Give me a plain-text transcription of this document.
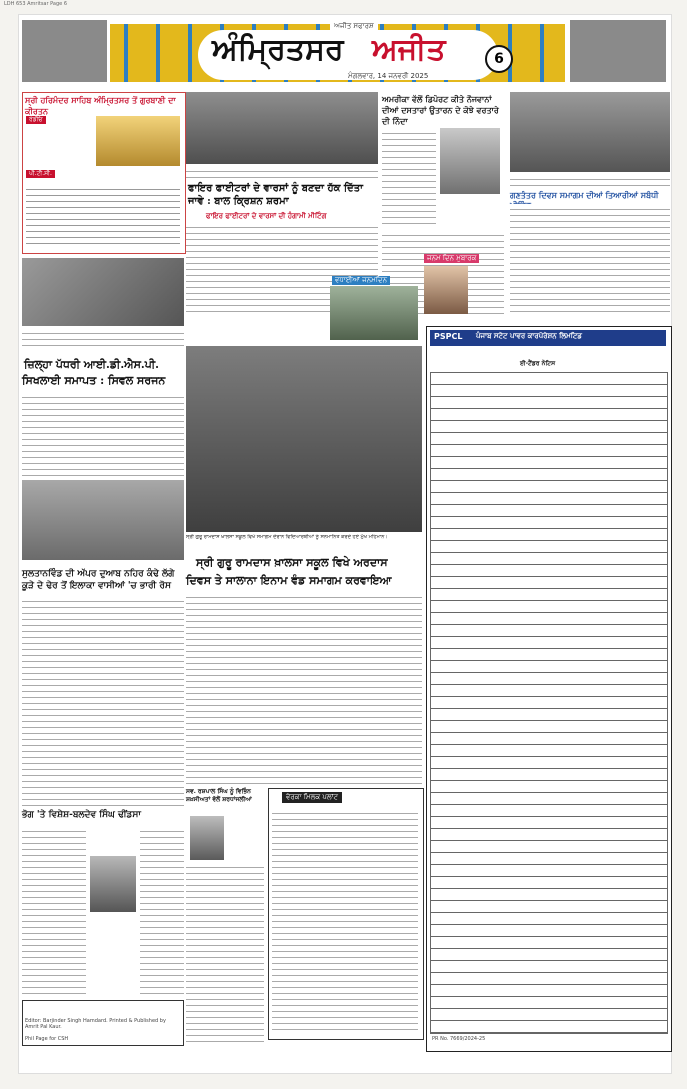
LDH 653 Amritsar Page 6
ਅੰਮ੍ਰਿਤਸਰ ਅਜੀਤ
ਅਜੀਤ ਸਫਾਰਸ਼
ਮੰਗਲਵਾਰ, 14 ਜਨਵਰੀ 2025
6
ਸ੍ਰੀ ਹਰਿਮੰਦਰ ਸਾਹਿਬ ਅੰਮ੍ਰਿਤਸਰ ਤੋਂ ਗੁਰਬਾਣੀ ਦਾ ਕੀਰਤਨ
ਰੇਡੀਓ
ਪੀ.ਟੀ.ਸੀ.
ਜ਼ਿਲ੍ਹਾ ਪੱਧਰੀ ਆਈ.ਡੀ.ਐਸ.ਪੀ.
ਸਿਖਲਾਈ ਸਮਾਪਤ : ਸਿਵਲ ਸਰਜਨ
ਸੁਲਤਾਨਵਿੰਡ ਦੀ ਅੱਪਰ ਦੁਆਬ ਨਹਿਰ ਕੰਢੇ ਲੱਗੇ ਕੂੜੇ ਦੇ ਢੇਰ ਤੋਂ ਇਲਾਕਾ ਵਾਸੀਆਂ 'ਚ ਭਾਰੀ ਰੋਸ
ਭੋਗ 'ਤੇ ਵਿਸ਼ੇਸ਼-ਬਲਦੇਵ ਸਿੰਘ ਢੀਂਡਸਾ
Editor: Barjinder Singh Hamdard. Printed & Published by Amrit Pal Kaur.
Phil Page for CSH
ਫਾਇਰ ਫਾਈਟਰਾਂ ਦੇ ਵਾਰਸਾਂ ਨੂੰ ਬਣਦਾ ਹੱਕ ਦਿੱਤਾ ਜਾਵੇ : ਬਾਲ ਕ੍ਰਿਸ਼ਨ ਸ਼ਰਮਾ
ਫਾਇਰ ਫਾਈਟਰਾਂ ਦੇ ਵਾਰਸਾਂ ਦੀ ਹੰਗਾਮੀ ਮੀਟਿੰਗ
ਅਮਰੀਕਾ ਵੱਲੋਂ ਡਿਪੋਰਟ ਕੀਤੇ ਨੌਜਵਾਨਾਂ ਦੀਆਂ ਦਸਤਾਰਾਂ ਉਤਾਰਨ ਦੇ ਕੋਝੇ ਵਰਤਾਰੇ ਦੀ ਨਿੰਦਾ
ਜਨਮ ਦਿਨ ਮੁਬਾਰਕ
ਵਧਾਈਆਂ ਜਨਮਦਿਨ
ਗਣਤੰਤਰ ਦਿਵਸ ਸਮਾਗਮ ਦੀਆਂ ਤਿਆਰੀਆਂ ਸਬੰਧੀ
ਸ੍ਰੀ ਗੁਰੂ ਰਾਮਦਾਸ ਖ਼ਾਲਸਾ ਸਕੂਲ ਵਿਖੇ ਸਮਾਗਮ ਦੌਰਾਨ ਵਿਦਿਆਰਥੀਆਂ ਨੂੰ ਸਨਮਾਨਿਤ ਕਰਦੇ ਹੋਏ ਮੁੱਖ ਮਹਿਮਾਨ।
ਸ੍ਰੀ ਗੁਰੂ ਰਾਮਦਾਸ ਖ਼ਾਲਸਾ ਸਕੂਲ ਵਿਖੇ ਅਰਦਾਸ
ਦਿਵਸ ਤੇ ਸਾਲਾਨਾ ਇਨਾਮ ਵੰਡ ਸਮਾਗਮ ਕਰਵਾਇਆ
ਸਵ. ਰਸ਼ਪਾਲ ਸਿੰਘ ਨੂੰ ਵਿਭਿੰਨ ਸ਼ਖ਼ਸੀਅਤਾਂ ਵੱਲੋਂ ਸ਼ਰਧਾਂਜਲੀਆਂ	ਵੇਰਕਾ ਮਿਲਕ ਪਲਾਂਟ
PSPCL ਪੰਜਾਬ ਸਟੇਟ ਪਾਵਰ ਕਾਰਪੋਰੇਸ਼ਨ ਲਿਮਟਿਡ
ਈ-ਟੈਂਡਰ ਨੋਟਿਸ
PR No. 7669/2024-25
